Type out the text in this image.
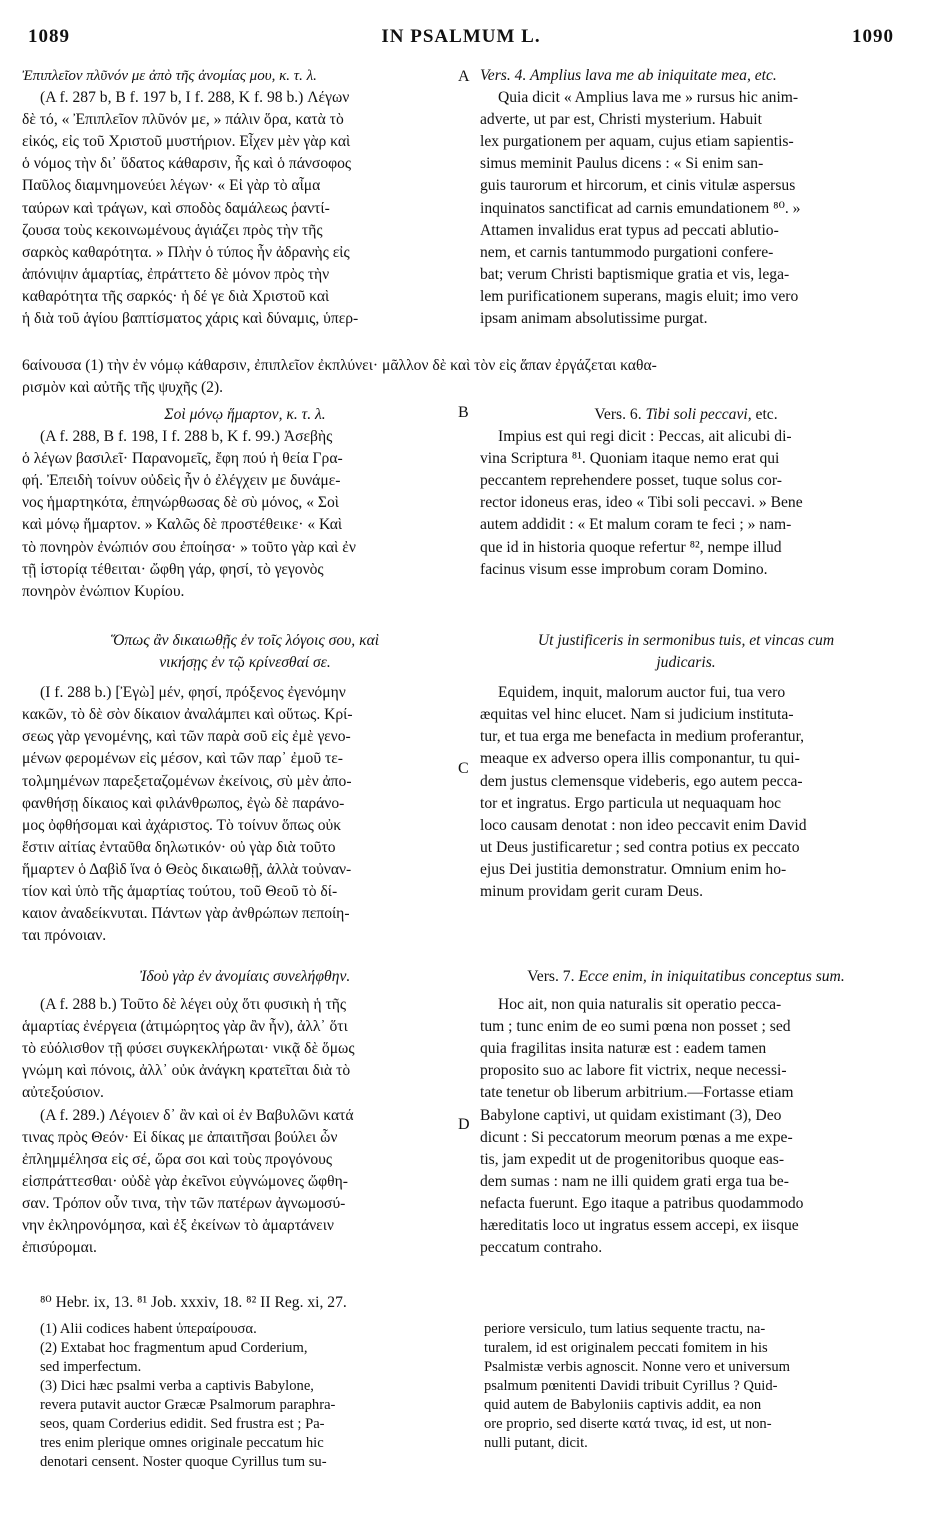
1089	IN PSALMUM L.	1090
A
B
C
D
Ἐπιπλεῖον πλῦνόν με ἀπὸ τῆς ἀνομίας μου, κ. τ. λ.
(A f. 287 b, B f. 197 b, I f. 288, K f. 98 b.) Λέγων
δὲ τό, « Ἐπιπλεῖον πλῦνόν με, » πάλιν ὅρα, κατὰ τὸ
εἰκός, εἰς τοῦ Χριστοῦ μυστήριον. Εἶχεν μὲν γὰρ καὶ
ὁ νόμος τὴν δι᾽ ὕδατος κάθαρσιν, ἧς καὶ ὁ πάνσοφος
Παῦλος διαμνημονεύει λέγων· « Εἰ γὰρ τὸ αἷμα
ταύρων καὶ τράγων, καὶ σποδὸς δαμάλεως ῥαντί-
ζουσα τοὺς κεκοινωμένους ἁγιάζει πρὸς τὴν τῆς
σαρκὸς καθαρότητα. » Πλὴν ὁ τύπος ἦν ἀδρανὴς εἰς
ἀπόνιψιν ἁμαρτίας, ἐπράττετο δὲ μόνον πρὸς τὴν
καθαρότητα τῆς σαρκός· ἡ δέ γε διὰ Χριστοῦ καὶ
ἡ διὰ τοῦ ἁγίου βαπτίσματος χάρις καὶ δύναμις, ὑπερ-
Vers. 4. Amplius lava me ab iniquitate mea, etc.
Quia dicit « Amplius lava me » rursus hic anim-
adverte, ut par est, Christi mysterium. Habuit
lex purgationem per aquam, cujus etiam sapientis-
simus meminit Paulus dicens : « Si enim san-
guis taurorum et hircorum, et cinis vitulæ aspersus
inquinatos sanctificat ad carnis emundationem ⁸⁰. »
Attamen invalidus erat typus ad peccati ablutio-
nem, et carnis tantummodo purgationi confere-
bat; verum Christi baptismique gratia et vis, lega-
lem purificationem superans, magis eluit; imo vero
ipsam animam absolutissime purgat.
6αίνουσα (1) τὴν ἐν νόμῳ κάθαρσιν, ἐπιπλεῖον ἐκπλύνει· μᾶλλον δὲ καὶ τὸν εἰς ἅπαν ἐργάζεται καθα-
ρισμὸν καὶ αὐτῆς τῆς ψυχῆς (2).
Σοὶ μόνῳ ἥμαρτον, κ. τ. λ.
(A f. 288, B f. 198, I f. 288 b, K f. 99.) Ἀσεβὴς
ὁ λέγων βασιλεῖ· Παρανομεῖς, ἔφη πού ἡ θεία Γρα-
φή. Ἐπειδὴ τοίνυν οὐδεὶς ἦν ὁ ἐλέγχειν με δυνάμε-
νος ἡμαρτηκότα, ἐπηνώρθωσας δὲ σὺ μόνος, « Σοὶ
καὶ μόνῳ ἥμαρτον. » Καλῶς δὲ προστέθεικε· « Καὶ
τὸ πονηρὸν ἐνώπιόν σου ἐποίησα· » τοῦτο γὰρ καὶ ἐν
τῇ ἱστορίᾳ τέθειται· ὤφθη γάρ, φησί, τὸ γεγονὸς
πονηρὸν ἐνώπιον Κυρίου.
Vers. 6. Tibi soli peccavi, etc.
Impius est qui regi dicit : Peccas, ait alicubi di-
vina Scriptura ⁸¹. Quoniam itaque nemo erat qui
peccantem reprehendere posset, tuque solus cor-
rector idoneus eras, ideo « Tibi soli peccavi. » Bene
autem addidit : « Et malum coram te feci ; » nam-
que id in historia quoque refertur ⁸², nempe illud
facinus visum esse improbum coram Domino.
Ὅπως ἂν δικαιωθῇς ἐν τοῖς λόγοις σου, καὶ
νικήσῃς ἐν τῷ κρίνεσθαί σε.
(I f. 288 b.) [Ἐγὼ] μέν, φησί, πρόξενος ἐγενόμην
κακῶν, τὸ δὲ σὸν δίκαιον ἀναλάμπει καὶ οὕτως. Κρί-
σεως γὰρ γενομένης, καὶ τῶν παρὰ σοῦ εἰς ἐμὲ γενο-
μένων φερομένων εἰς μέσον, καὶ τῶν παρ᾽ ἐμοῦ τε-
τολμημένων παρεξεταζομένων ἐκείνοις, σὺ μὲν ἀπο-
φανθήσῃ δίκαιος καὶ φιλάνθρωπος, ἐγὼ δὲ παράνο-
μος ὀφθήσομαι καὶ ἀχάριστος. Τὸ τοίνυν ὅπως οὐκ
ἔστιν αἰτίας ἐνταῦθα δηλωτικόν· οὐ γὰρ διὰ τοῦτο
ἥμαρτεν ὁ Δαβὶδ ἵνα ὁ Θεὸς δικαιωθῇ, ἀλλὰ τοὐναν-
τίον καὶ ὑπὸ τῆς ἁμαρτίας τούτου, τοῦ Θεοῦ τὸ δί-
καιον ἀναδείκνυται. Πάντων γὰρ ἀνθρώπων πεποίη-
ται πρόνοιαν.
Ut justificeris in sermonibus tuis, et vincas cum
judicaris.
Equidem, inquit, malorum auctor fui, tua vero
æquitas vel hinc elucet. Nam si judicium instituta-
tur, et tua erga me benefacta in medium proferantur,
meaque ex adverso opera illis componantur, tu qui-
dem justus clemensque videberis, ego autem pecca-
tor et ingratus. Ergo particula ut nequaquam hoc
loco causam denotat : non ideo peccavit enim David
ut Deus justificaretur ; sed contra potius ex peccato
ejus Dei justitia demonstratur. Omnium enim ho-
minum providam gerit curam Deus.
Ἰδοὺ γὰρ ἐν ἀνομίαις συνελήφθην.
(A f. 288 b.) Τοῦτο δὲ λέγει οὐχ ὅτι φυσικὴ ἡ τῆς
ἁμαρτίας ἐνέργεια (ἀτιμώρητος γὰρ ἂν ἦν), ἀλλ᾽ ὅτι
τὸ εὐόλισθον τῇ φύσει συγκεκλήρωται· νικᾷ δὲ ὅμως
γνώμη καὶ πόνοις, ἀλλ᾽ οὐκ ἀνάγκη κρατεῖται διὰ τὸ
αὐτεξούσιον.
(A f. 289.) Λέγοιεν δ᾽ ἂν καὶ οἱ ἐν Βαβυλῶνι κατά
τινας πρὸς Θεόν· Εἰ δίκας με ἀπαιτῆσαι βούλει ὧν
ἐπλημμέλησα εἰς σέ, ὥρα σοι καὶ τοὺς προγόνους
εἰσπράττεσθαι· οὐδὲ γὰρ ἐκεῖνοι εὐγνώμονες ὤφθη-
σαν. Τρόπον οὖν τινα, τὴν τῶν πατέρων ἀγνωμοσύ-
νην ἐκληρονόμησα, καὶ ἐξ ἐκείνων τὸ ἁμαρτάνειν
ἐπισύρομαι.
Vers. 7. Ecce enim, in iniquitatibus conceptus sum.
Hoc ait, non quia naturalis sit operatio pecca-
tum ; tunc enim de eo sumi pœna non posset ; sed
quia fragilitas insita naturæ est : eadem tamen
proposito suo ac labore fit victrix, neque necessi-
tate tenetur ob liberum arbitrium.—Fortasse etiam
Babylone captivi, ut quidam existimant (3), Deo
dicunt : Si peccatorum meorum pœnas a me expe-
tis, jam expedit ut de progenitoribus quoque eas-
dem sumas : nam ne illi quidem grati erga tua be-
nefacta fuerunt. Ego itaque a patribus quodammodo
hæreditatis loco ut ingratus essem accepi, ex iisque
peccatum contraho.
⁸⁰ Hebr. ix, 13. ⁸¹ Job. xxxiv, 18. ⁸² II Reg. xi, 27.
(1) Alii codices habent ὑπεραίρουσα.
(2) Extabat hoc fragmentum apud Corderium,
sed imperfectum.
(3) Dici hæc psalmi verba a captivis Babylone,
revera putavit auctor Græcæ Psalmorum paraphra-
seos, quam Corderius edidit. Sed frustra est ; Pa-
tres enim plerique omnes originale peccatum hic
denotari censent. Noster quoque Cyrillus tum su-
periore versiculo, tum latius sequente tractu, na-
turalem, id est originalem peccati fomitem in his
Psalmistæ verbis agnoscit. Nonne vero et universum
psalmum pœnitenti Davidi tribuit Cyrillus ? Quid-
quid autem de Babyloniis captivis addit, ea non
ore proprio, sed diserte κατά τινας, id est, ut non-
nulli putant, dicit.
